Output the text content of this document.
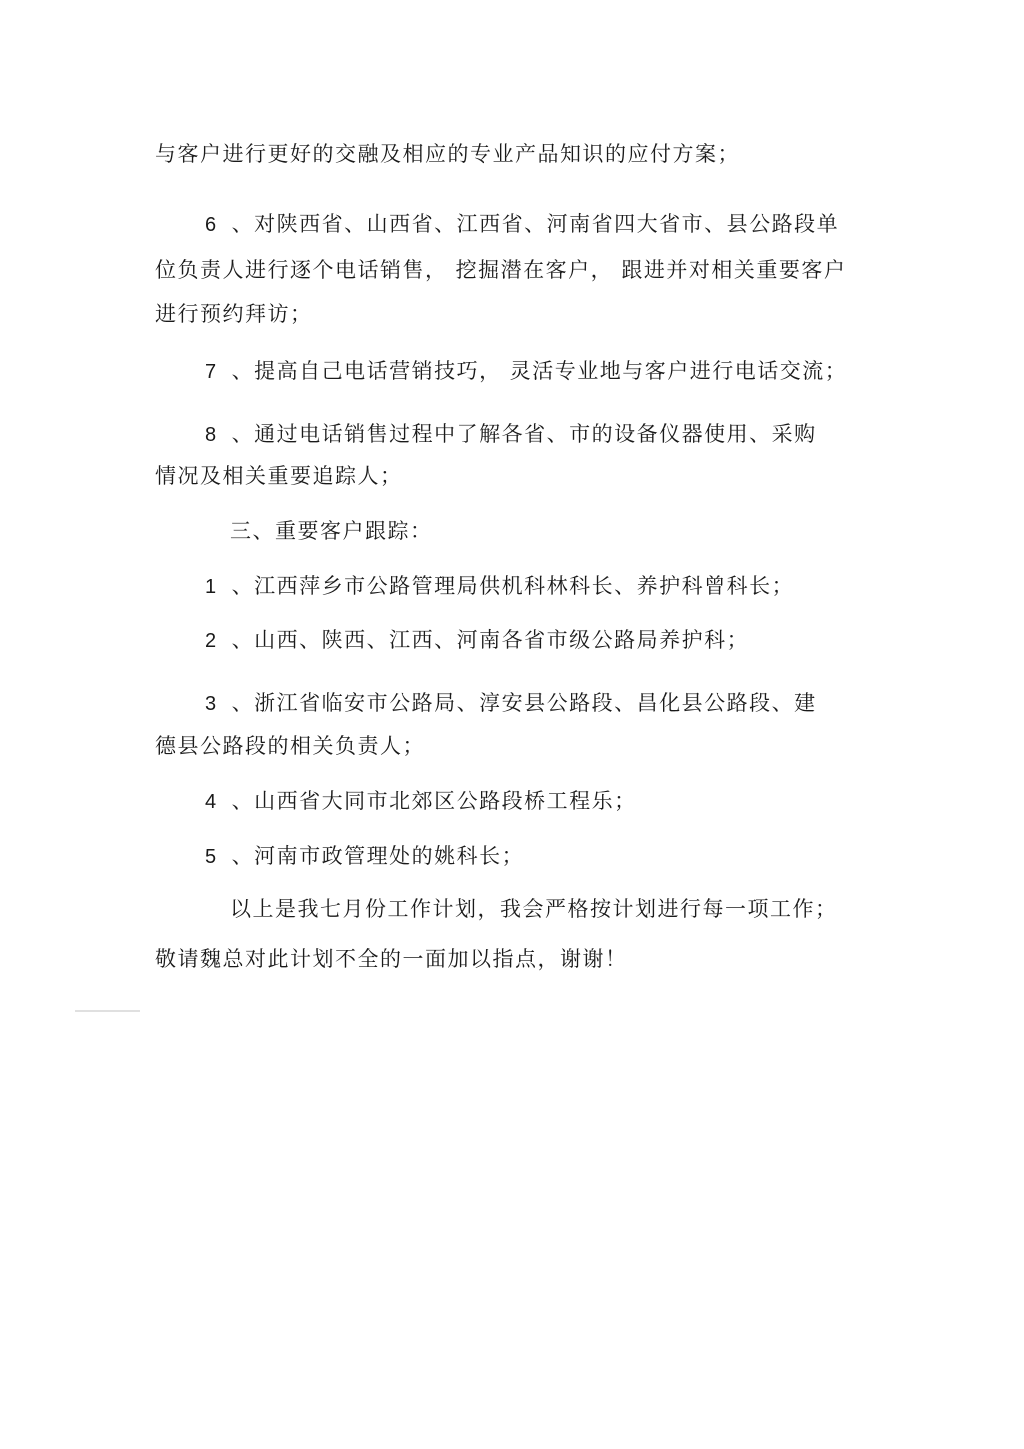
与客户进行更好的交融及相应的专业产品知识的应付方案；
6 、对陕西省、山西省、江西省、河南省四大省市、县公路段单
位负责人进行逐个电话销售， 挖掘潜在客户， 跟进并对相关重要客户
进行预约拜访；
7 、提高自己电话营销技巧， 灵活专业地与客户进行电话交流；
8 、通过电话销售过程中了解各省、市的设备仪器使用、采购
情况及相关重要追踪人；
三、重要客户跟踪：
1 、江西萍乡市公路管理局供机科林科长、养护科曾科长；
2 、山西、陕西、江西、河南各省市级公路局养护科；
3 、浙江省临安市公路局、淳安县公路段、昌化县公路段、建
德县公路段的相关负责人；
4 、山西省大同市北郊区公路段桥工程乐；
5 、河南市政管理处的姚科长；
以上是我七月份工作计划，我会严格按计划进行每一项工作；
敬请魏总对此计划不全的一面加以指点，谢谢！
